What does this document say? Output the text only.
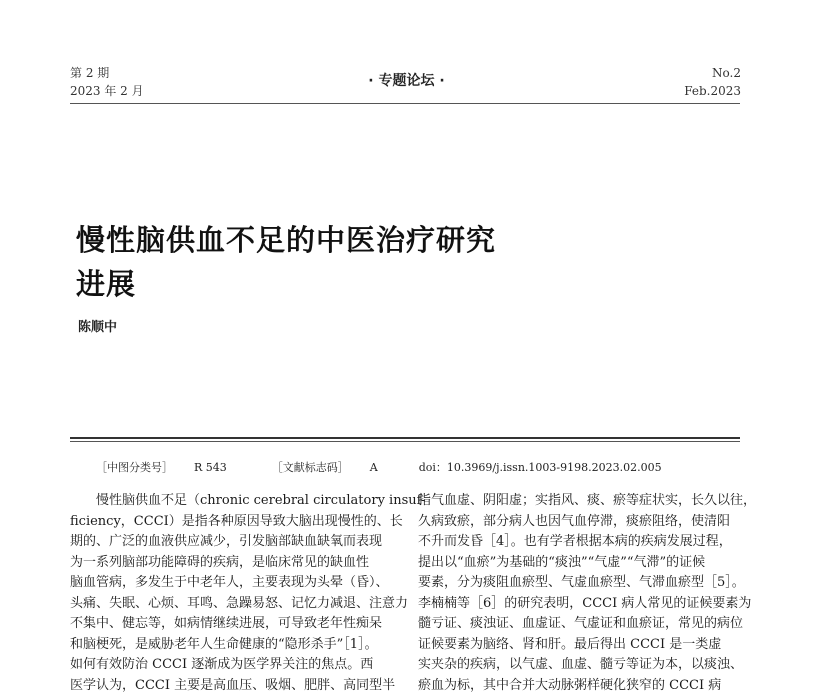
第 2 期
2023 年 2 月
· 专题论坛 ·	No.2
Feb.2023
慢性脑供血不足的中医治疗研究
进展
陈顺中
［中图分类号］ R 543	［文献标志码］ A	doi：10.3969/j.issn.1003-9198.2023.02.005
慢性脑供血不足（chronic cerebral circulatory insuf-
ficiency，CCCI）是指各种原因导致大脑出现慢性的、长
期的、广泛的血液供应减少，引发脑部缺血缺氧而表现
为一系列脑部功能障碍的疾病，是临床常见的缺血性
脑血管病，多发生于中老年人，主要表现为头晕（昏）、
头痛、失眠、心烦、耳鸣、急躁易怒、记忆力减退、注意力
不集中、健忘等，如病情继续进展，可导致老年性痴呆
和脑梗死，是威胁老年人生命健康的“隐形杀手”［1］。
如何有效防治 CCCI 逐渐成为医学界关注的焦点。西
医学认为，CCCI 主要是高血压、吸烟、肥胖、高同型半
指气血虚、阴阳虚；实指风、痰、瘀等症状实，长久以往，
久病致瘀，部分病人也因气血停滞，痰瘀阻络，使清阳
不升而发昏［4］。也有学者根据本病的疾病发展过程，
提出以“血瘀”为基础的“痰浊”“气虚”“气滞”的证候
要素，分为痰阻血瘀型、气虚血瘀型、气滞血瘀型［5］。
李楠楠等［6］的研究表明，CCCI 病人常见的证候要素为
髓亏证、痰浊证、血虚证、气虚证和血瘀证，常见的病位
证候要素为脑络、肾和肝。最后得出 CCCI 是一类虚
实夹杂的疾病，以气虚、血虚、髓亏等证为本，以痰浊、
瘀血为标，其中合并大动脉粥样硬化狭窄的 CCCI 病
